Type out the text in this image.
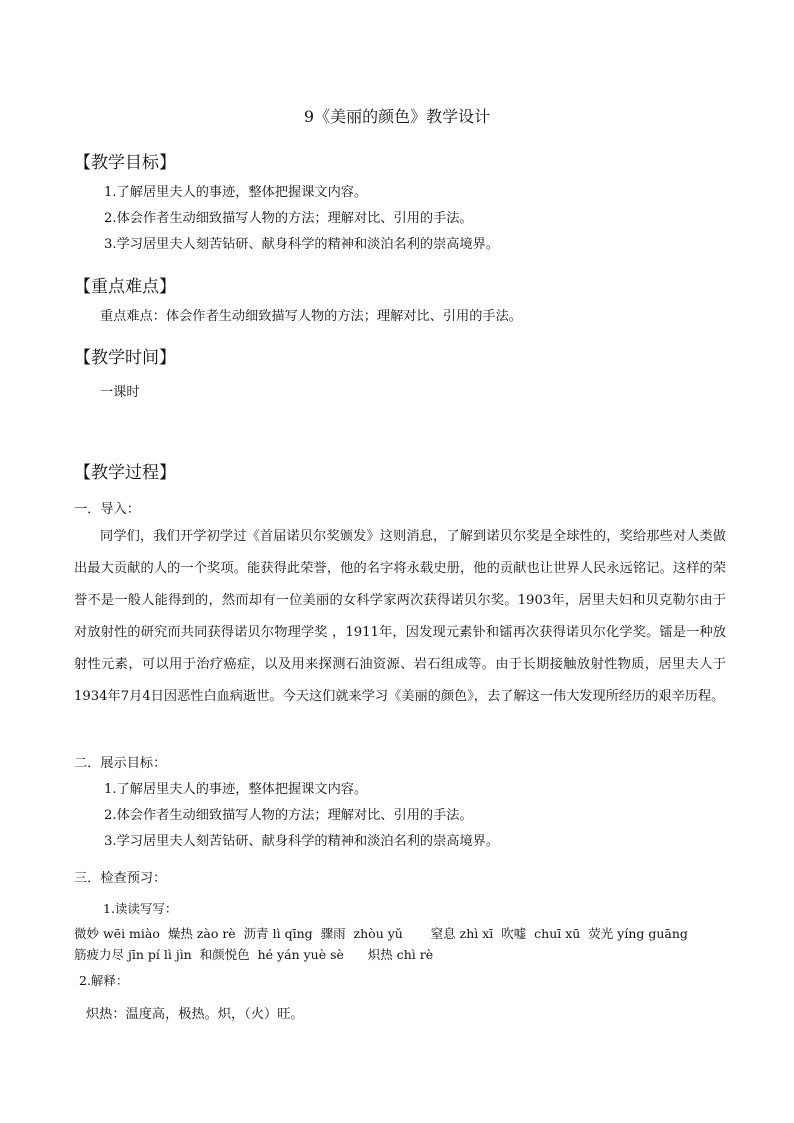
9《美丽的颜色》教学设计
【教学目标】
1.了解居里夫人的事迹，整体把握课文内容。
2.体会作者生动细致描写人物的方法；理解对比、引用的手法。
3.学习居里夫人刻苦钻研、献身科学的精神和淡泊名利的崇高境界。
【重点难点】
重点难点：体会作者生动细致描写人物的方法；理解对比、引用的手法。
【教学时间】
一课时
【教学过程】
一．导入：
同学们，我们开学初学过《首届诺贝尔奖颁发》这则消息，了解到诺贝尔奖是全球性的，奖给那些对人类做出最大贡献的人的一个奖项。能获得此荣誉，他的名字将永载史册，他的贡献也让世界人民永远铭记。这样的荣誉不是一般人能得到的，然而却有一位美丽的女科学家两次获得诺贝尔奖。1903年，居里夫妇和贝克勒尔由于对放射性的研究而共同获得诺贝尔物理学奖 ，1911年，因发现元素钋和镭再次获得诺贝尔化学奖。镭是一种放射性元素，可以用于治疗癌症，以及用来探测石油资源、岩石组成等。由于长期接触放射性物质，居里夫人于1934年7月4日因恶性白血病逝世。今天这们就来学习《美丽的颜色》，去了解这一伟大发现所经历的艰辛历程。
二．展示目标：
1.了解居里夫人的事迹，整体把握课文内容。
2.体会作者生动细致描写人物的方法；理解对比、引用的手法。
3.学习居里夫人刻苦钻研、献身科学的精神和淡泊名利的崇高境界。
三．检查预习：
1.读读写写：
微妙 wēi miào  燥热 zào rè  沥青 lì qīng  骤雨  zhòu yǔ       窒息 zhì xī  吹嘘  chuī xū  荧光 yíng guāng
筋疲力尽 jīn pí lì jìn  和颜悦色  hé yán yuè sè      炽热 chì rè
2.解释：
炽热：温度高，极热。炽，（火）旺。
